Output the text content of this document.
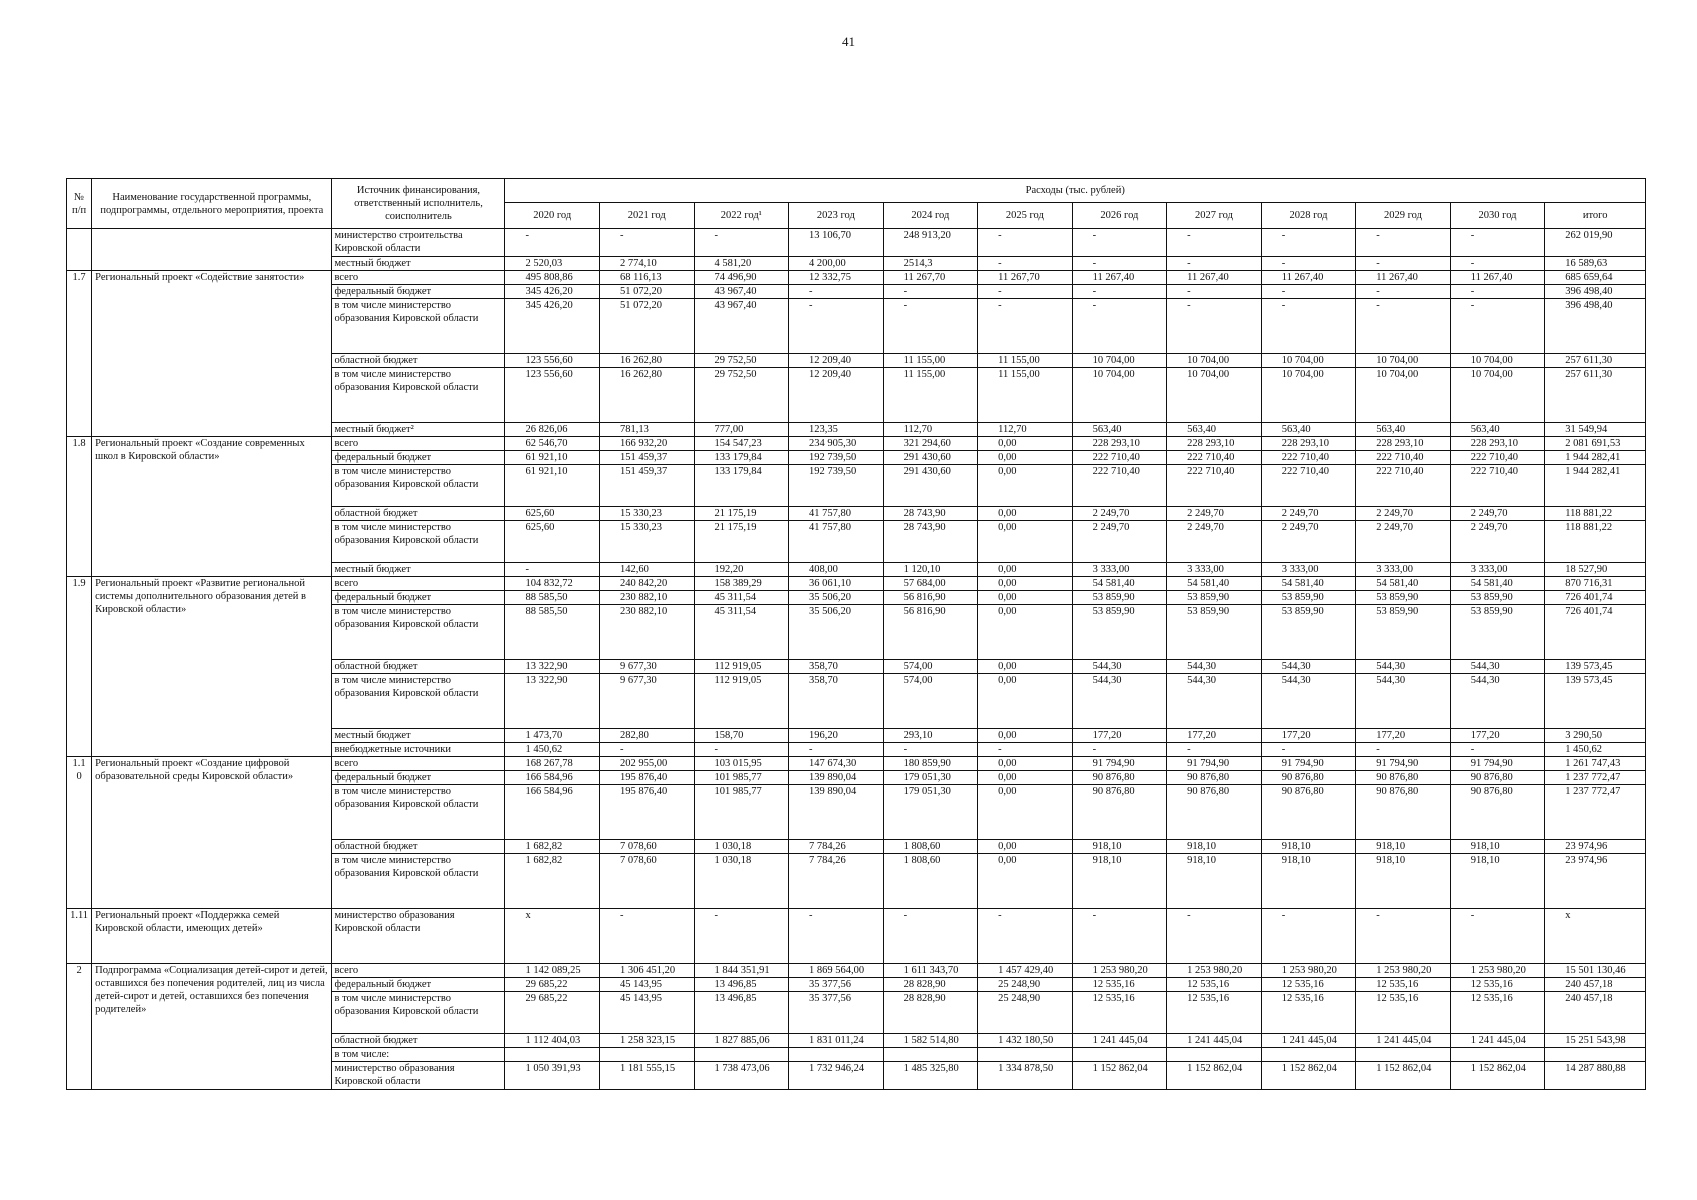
41
№ п/п	Наименование государственной программы, подпрограммы, отдельного мероприятия, проекта	Источник финансирования, ответственный исполнитель, соисполнитель	Расходы (тыс. рублей)											
			2020 год	2021 год	2022 год¹	2023 год	2024 год	2025 год	2026 год	2027 год	2028 год	2029 год	2030 год	итого
		министерство строительства Кировской области	-	-	-	13 106,70	248 913,20	-	-	-	-	-	-	262 019,90
		местный бюджет	2 520,03	2 774,10	4 581,20	4 200,00	2514,3	-	-	-	-	-	-	16 589,63
1.7	Региональный проект «Содействие занятости»	всего	495 808,86	68 116,13	74 496,90	12 332,75	11 267,70	11 267,70	11 267,40	11 267,40	11 267,40	11 267,40	11 267,40	685 659,64
		федеральный бюджет	345 426,20	51 072,20	43 967,40	-	-	-	-	-	-	-	-	396 498,40
		в том числе министерство образования Кировской области	345 426,20	51 072,20	43 967,40	-	-	-	-	-	-	-	-	396 498,40
		областной бюджет	123 556,60	16 262,80	29 752,50	12 209,40	11 155,00	11 155,00	10 704,00	10 704,00	10 704,00	10 704,00	10 704,00	257 611,30
		в том числе министерство образования Кировской области	123 556,60	16 262,80	29 752,50	12 209,40	11 155,00	11 155,00	10 704,00	10 704,00	10 704,00	10 704,00	10 704,00	257 611,30
		местный бюджет²	26 826,06	781,13	777,00	123,35	112,70	112,70	563,40	563,40	563,40	563,40	563,40	31 549,94
1.8	Региональный проект «Создание современных школ в Кировской области»	всего	62 546,70	166 932,20	154 547,23	234 905,30	321 294,60	0,00	228 293,10	228 293,10	228 293,10	228 293,10	228 293,10	2 081 691,53
		федеральный бюджет	61 921,10	151 459,37	133 179,84	192 739,50	291 430,60	0,00	222 710,40	222 710,40	222 710,40	222 710,40	222 710,40	1 944 282,41
		в том числе министерство образования Кировской области	61 921,10	151 459,37	133 179,84	192 739,50	291 430,60	0,00	222 710,40	222 710,40	222 710,40	222 710,40	222 710,40	1 944 282,41
		областной бюджет	625,60	15 330,23	21 175,19	41 757,80	28 743,90	0,00	2 249,70	2 249,70	2 249,70	2 249,70	2 249,70	118 881,22
		в том числе министерство образования Кировской области	625,60	15 330,23	21 175,19	41 757,80	28 743,90	0,00	2 249,70	2 249,70	2 249,70	2 249,70	2 249,70	118 881,22
		местный бюджет	-	142,60	192,20	408,00	1 120,10	0,00	3 333,00	3 333,00	3 333,00	3 333,00	3 333,00	18 527,90
1.9	Региональный проект «Развитие региональной системы дополнительного образования детей в Кировской области»	всего	104 832,72	240 842,20	158 389,29	36 061,10	57 684,00	0,00	54 581,40	54 581,40	54 581,40	54 581,40	54 581,40	870 716,31
		федеральный бюджет	88 585,50	230 882,10	45 311,54	35 506,20	56 816,90	0,00	53 859,90	53 859,90	53 859,90	53 859,90	53 859,90	726 401,74
		в том числе министерство образования Кировской области	88 585,50	230 882,10	45 311,54	35 506,20	56 816,90	0,00	53 859,90	53 859,90	53 859,90	53 859,90	53 859,90	726 401,74
		областной бюджет	13 322,90	9 677,30	112 919,05	358,70	574,00	0,00	544,30	544,30	544,30	544,30	544,30	139 573,45
		в том числе министерство образования Кировской области	13 322,90	9 677,30	112 919,05	358,70	574,00	0,00	544,30	544,30	544,30	544,30	544,30	139 573,45
		местный бюджет	1 473,70	282,80	158,70	196,20	293,10	0,00	177,20	177,20	177,20	177,20	177,20	3 290,50
		внебюджетные источники	1 450,62	-	-	-	-	-	-	-	-	-	-	1 450,62
1.10	Региональный проект «Создание цифровой образовательной среды Кировской области»	всего	168 267,78	202 955,00	103 015,95	147 674,30	180 859,90	0,00	91 794,90	91 794,90	91 794,90	91 794,90	91 794,90	1 261 747,43
		федеральный бюджет	166 584,96	195 876,40	101 985,77	139 890,04	179 051,30	0,00	90 876,80	90 876,80	90 876,80	90 876,80	90 876,80	1 237 772,47
		в том числе министерство образования Кировской области	166 584,96	195 876,40	101 985,77	139 890,04	179 051,30	0,00	90 876,80	90 876,80	90 876,80	90 876,80	90 876,80	1 237 772,47
		областной бюджет	1 682,82	7 078,60	1 030,18	7 784,26	1 808,60	0,00	918,10	918,10	918,10	918,10	918,10	23 974,96
		в том числе министерство образования Кировской области	1 682,82	7 078,60	1 030,18	7 784,26	1 808,60	0,00	918,10	918,10	918,10	918,10	918,10	23 974,96
1.11	Региональный проект «Поддержка семей Кировской области, имеющих детей»	министерство образования Кировской области	x	-	-	-	-	-	-	-	-	-	-	x
2	Подпрограмма «Социализация детей-сирот и детей, оставшихся без попечения родителей, лиц из числа детей-сирот и детей, оставшихся без попечения родителей»	всего	1 142 089,25	1 306 451,20	1 844 351,91	1 869 564,00	1 611 343,70	1 457 429,40	1 253 980,20	1 253 980,20	1 253 980,20	1 253 980,20	1 253 980,20	15 501 130,46
		федеральный бюджет	29 685,22	45 143,95	13 496,85	35 377,56	28 828,90	25 248,90	12 535,16	12 535,16	12 535,16	12 535,16	12 535,16	240 457,18
		в том числе министерство образования Кировской области	29 685,22	45 143,95	13 496,85	35 377,56	28 828,90	25 248,90	12 535,16	12 535,16	12 535,16	12 535,16	12 535,16	240 457,18
		областной бюджет	1 112 404,03	1 258 323,15	1 827 885,06	1 831 011,24	1 582 514,80	1 432 180,50	1 241 445,04	1 241 445,04	1 241 445,04	1 241 445,04	1 241 445,04	15 251 543,98
		в том числе:												
		министерство образования Кировской области	1 050 391,93	1 181 555,15	1 738 473,06	1 732 946,24	1 485 325,80	1 334 878,50	1 152 862,04	1 152 862,04	1 152 862,04	1 152 862,04	1 152 862,04	14 287 880,88
